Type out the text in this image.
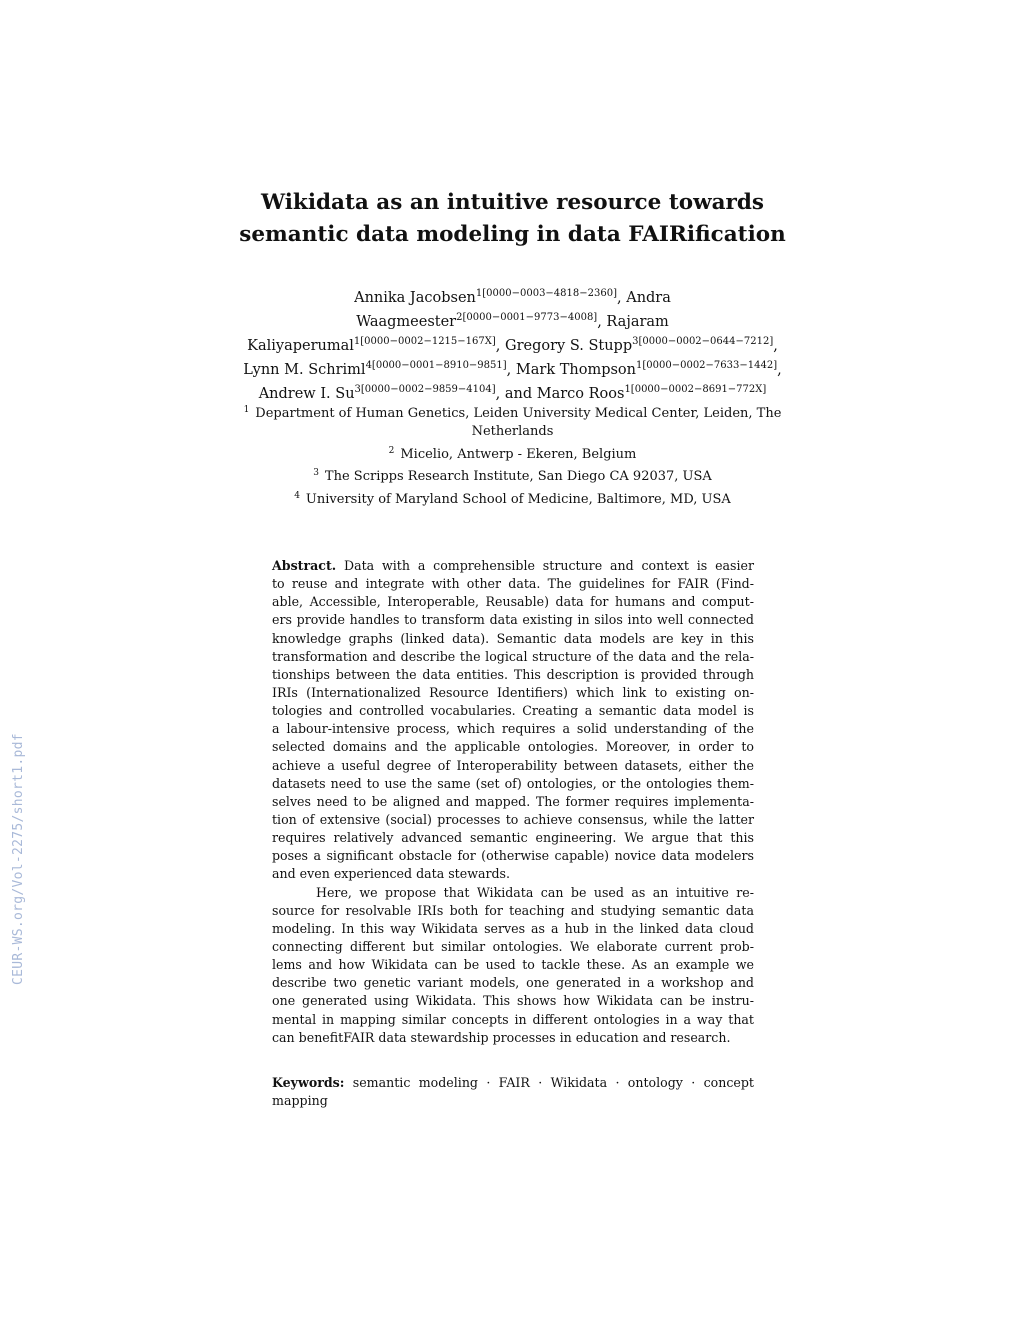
CEUR-WS.org/Vol-2275/short1.pdf
Wikidata as an intuitive resource towards
semantic data modeling in data FAIRification
Annika Jacobsen$^{1[0000-0003-4818-2360]}$, Andra
Waagmeester$^{2[0000-0001-9773-4008]}$, Rajaram
Kaliyaperumal$^{1[0000-0002-1215-167X]}$, Gregory S. Stupp$^{3[0000-0002-0644-7212]}$,
Lynn M. Schriml$^{4[0000-0001-8910-9851]}$, Mark Thompson$^{1[0000-0002-7633-1442]}$,
Andrew I. $Su^{3[0000-0002-9859-4104]}$, and Marco Roos$^{1[0000-0002-8691-772X]}$
$^1$ Department of Human Genetics, Leiden University Medical Center, Leiden, The
Netherlands
$^2$ Micelio, Antwerp - Ekeren, Belgium
$^3$ The Scripps Research Institute, San Diego CA 92037, USA
$^4$ University of Maryland School of Medicine, Baltimore, MD, USA
Abstract. Data with a comprehensible structure and context is easier
to reuse and integrate with other data. The guidelines for FAIR (Find-
able, Accessible, Interoperable, Reusable) data for humans and comput-
ers provide handles to transform data existing in silos into well connected
knowledge graphs (linked data). Semantic data models are key in this
transformation and describe the logical structure of the data and the rela-
tionships between the data entities. This description is provided through
IRIs (Internationalized Resource Identifiers) which link to existing on-
tologies and controlled vocabularies. Creating a semantic data model is
a labour-intensive process, which requires a solid understanding of the
selected domains and the applicable ontologies. Moreover, in order to
achieve a useful degree of Interoperability between datasets, either the
datasets need to use the same (set of) ontologies, or the ontologies them-
selves need to be aligned and mapped. The former requires implementa-
tion of extensive (social) processes to achieve consensus, while the latter
requires relatively advanced semantic engineering. We argue that this
poses a significant obstacle for (otherwise capable) novice data modelers
and even experienced data stewards.
Here, we propose that Wikidata can be used as an intuitive re-
source for resolvable IRIs both for teaching and studying semantic data
modeling. In this way Wikidata serves as a hub in the linked data cloud
connecting different but similar ontologies. We elaborate current prob-
lems and how Wikidata can be used to tackle these. As an example we
describe two genetic variant models, one generated in a workshop and
one generated using Wikidata. This shows how Wikidata can be instru-
mental in mapping similar concepts in different ontologies in a way that
can benefitFAIR data stewardship processes in education and research.
Keywords: semantic modeling · FAIR · Wikidata · ontology · concept
mapping
